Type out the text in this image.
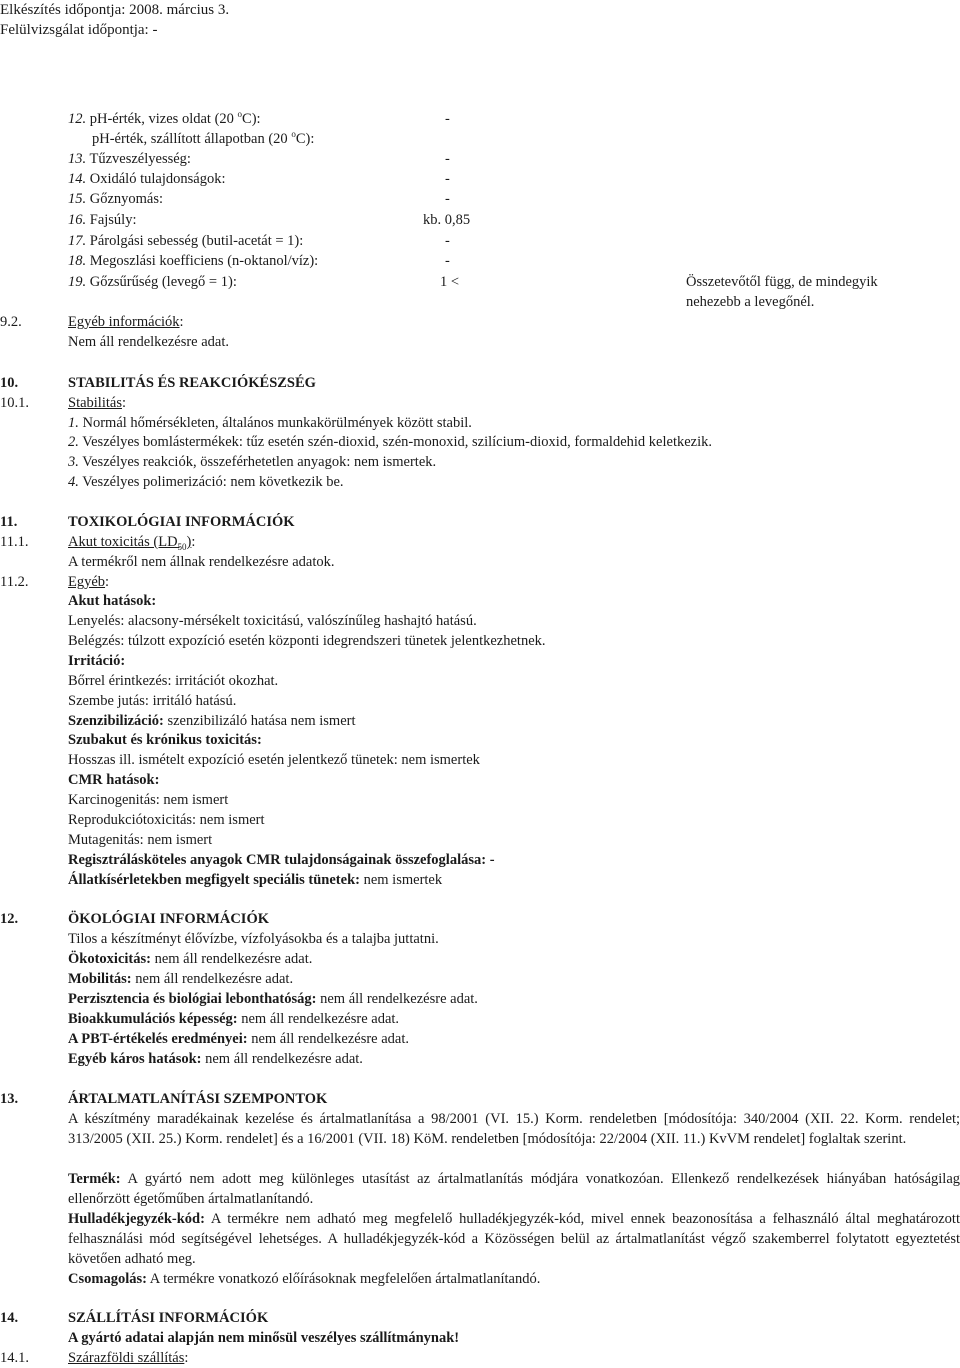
Elkészítés időpontja: 2008. március 3.
Felülvizsgálat időpontja: -
12. pH-érték, vizes oldat (20 $^o$C):	-
pH-érték, szállított állapotban (20 $^o$C):
13. Tűzveszélyesség:	-
14. Oxidáló tulajdonságok:	-
15. Gőznyomás:	-
16. Fajsúly:	kb. 0,85
17. Párolgási sebesség (butil-acetát = 1):	-
18. Megoszlási koefficiens (n-oktanol/víz):	-
19. Gőzsűrűség (levegő = 1):	1 <	Összetevőtől függ, de mindegyik
nehezebb a levegőnél.
9.2.	Egyéb információk:
Nem áll rendelkezésre adat.
10.	STABILITÁS ÉS REAKCIÓKÉSZSÉG
10.1.	Stabilitás:
1. Normál hőmérsékleten, általános munkakörülmények között stabil.
2. Veszélyes bomlástermékek: tűz esetén szén-dioxid, szén-monoxid, szilícium-dioxid, formaldehid keletkezik.
3. Veszélyes reakciók, összeférhetetlen anyagok: nem ismertek.
4. Veszélyes polimerizáció: nem következik be.
11.	TOXIKOLÓGIAI INFORMÁCIÓK
11.1.	Akut toxicitás $(LD_{50})$:
A termékről nem állnak rendelkezésre adatok.
11.2.	Egyéb:
Akut hatások:
Lenyelés: alacsony-mérsékelt toxicitású, valószínűleg hashajtó hatású.
Belégzés: túlzott expozíció esetén központi idegrendszeri tünetek jelentkezhetnek.
Irritáció:
Bőrrel érintkezés: irritációt okozhat.
Szembe jutás: irritáló hatású.
Szenzibilizáció: szenzibilizáló hatása nem ismert
Szubakut és krónikus toxicitás:
Hosszas ill. ismételt expozíció esetén jelentkező tünetek: nem ismertek
CMR hatások:
Karcinogenitás: nem ismert
Reprodukciótoxicitás: nem ismert
Mutagenitás: nem ismert
Regisztrálásköteles anyagok CMR tulajdonságainak összefoglalása: -
Állatkísérletekben megfigyelt speciális tünetek: nem ismertek
12.	ÖKOLÓGIAI INFORMÁCIÓK
Tilos a készítményt élővízbe, vízfolyásokba és a talajba juttatni.
Ökotoxicitás: nem áll rendelkezésre adat.
Mobilitás: nem áll rendelkezésre adat.
Perzisztencia és biológiai lebonthatóság: nem áll rendelkezésre adat.
Bioakkumulációs képesség: nem áll rendelkezésre adat.
A PBT-értékelés eredményei: nem áll rendelkezésre adat.
Egyéb káros hatások: nem áll rendelkezésre adat.
13.	ÁRTALMATLANÍTÁSI SZEMPONTOK

A készítmény maradékainak kezelése és ártalmatlanítása a 98/2001 (VI. 15.) Korm. rendeletben [módosítója: 340/2004 (XII. 22. Korm. rendelet; 313/2005 (XII. 25.) Korm. rendelet] és a 16/2001 (VII. 18) KöM. rendeletben [módosítója: 22/2004 (XII. 11.) KvVM rendelet] foglaltak szerint.

Termék: A gyártó nem adott meg különleges utasítást az ártalmatlanítás módjára vonatkozóan. Ellenkező rendelkezések hiányában hatóságilag ellenőrzött égetőműben ártalmatlanítandó.

Hulladékjegyzék-kód: A termékre nem adható meg megfelelő hulladékjegyzék-kód, mivel ennek beazonosítása a felhasználó által meghatározott felhasználási mód segítségével lehetséges. A hulladékjegyzék-kód a Közösségen belül az ártalmatlanítást végző szakemberrel folytatott egyeztetést követően adható meg.

Csomagolás: A termékre vonatkozó előírásoknak megfelelően ártalmatlanítandó.

14.	SZÁLLÍTÁSI INFORMÁCIÓK
A gyártó adatai alapján nem minősül veszélyes szállítmánynak!
14.1.	Szárazföldi szállítás:
